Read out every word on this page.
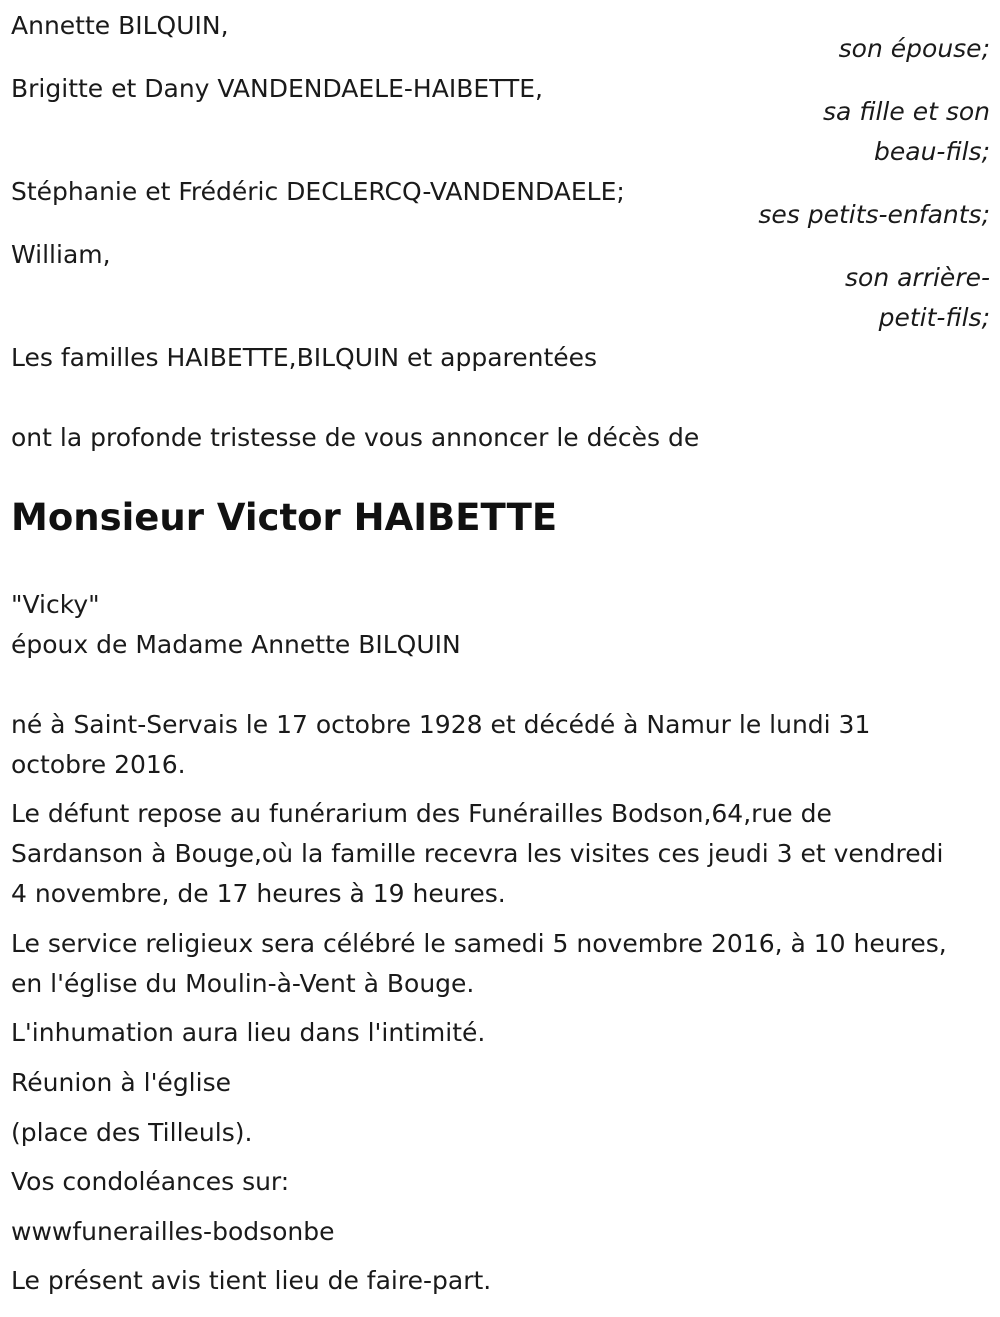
Annette BILQUIN,
son épouse;
Brigitte et Dany VANDENDAELE-HAIBETTE,
sa fille et son
beau-fils;
Stéphanie et Frédéric DECLERCQ-VANDENDAELE;
ses petits-enfants;
William,
son arrière-
petit-fils;
Les familles HAIBETTE,BILQUIN et apparentées
ont la profonde tristesse de vous annoncer le décès de
Monsieur Victor HAIBETTE
"Vicky"
époux de Madame Annette BILQUIN
né à Saint-Servais le 17 octobre 1928 et décédé à Namur le lundi 31
octobre 2016.
Le défunt repose au funérarium des Funérailles Bodson,64,rue de
Sardanson à Bouge,où la famille recevra les visites ces jeudi 3 et vendredi
4 novembre, de 17 heures à 19 heures.
Le service religieux sera célébré le samedi 5 novembre 2016, à 10 heures,
en l'église du Moulin-à-Vent à Bouge.
L'inhumation aura lieu dans l'intimité.
Réunion à l'église
(place des Tilleuls).
Vos condoléances sur:
wwwfunerailles-bodsonbe
Le présent avis tient lieu de faire-part.
